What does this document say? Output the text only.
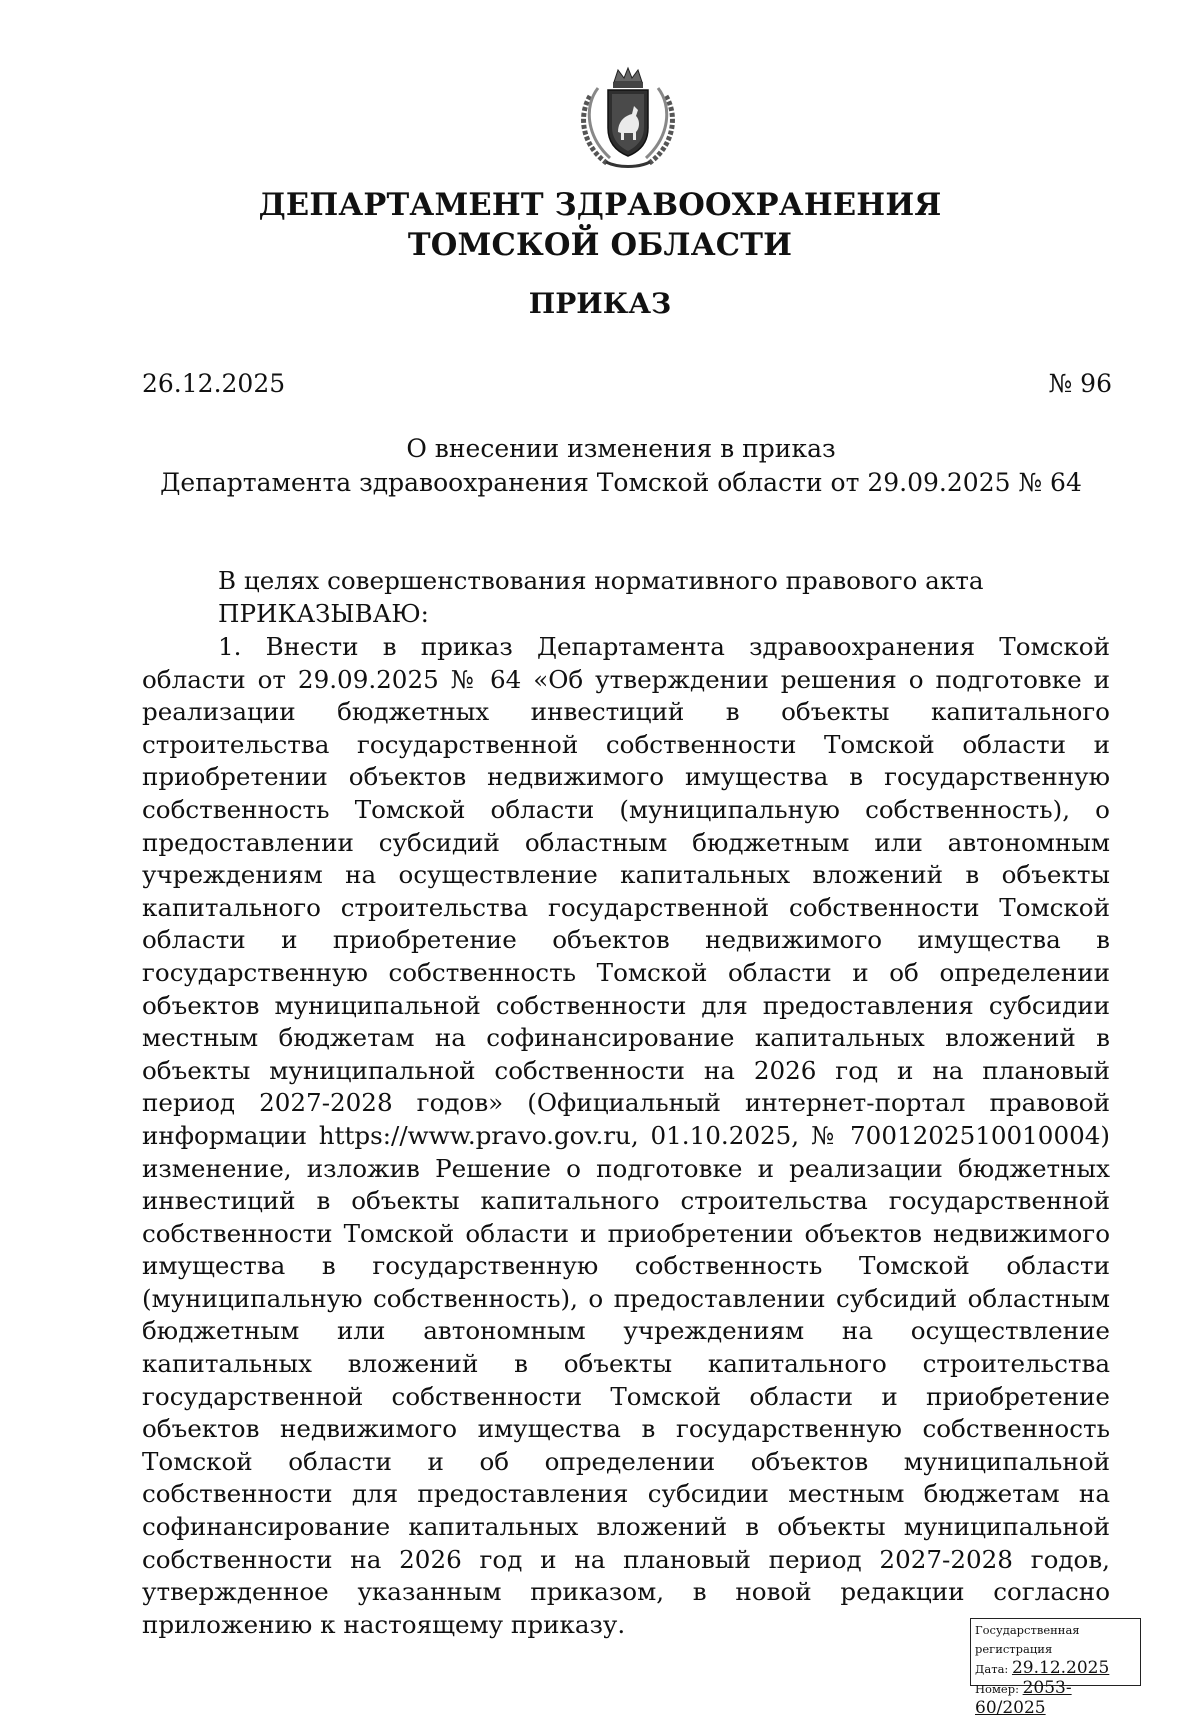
ДЕПАРТАМЕНТ ЗДРАВООХРАНЕНИЯ
ТОМСКОЙ ОБЛАСТИ
ПРИКАЗ
26.12.2025	№ 96
О внесении изменения в приказ
Департамента здравоохранения Томской области от 29.09.2025 № 64
В целях совершенствования нормативного правового акта
ПРИКАЗЫВАЮ:
1. Внести в приказ Департамента здравоохранения Томской области от 29.09.2025 № 64 «Об утверждении решения о подготовке и реализации бюджетных инвестиций в объекты капитального строительства государственной собственности Томской области и приобретении объектов недвижимого имущества в государственную собственность Томской области (муниципальную собственность), о предоставлении субсидий областным бюджетным или автономным учреждениям на осуществление капитальных вложений в объекты капитального строительства государственной собственности Томской области и приобретение объектов недвижимого имущества в государственную собственность Томской области и об определении объектов муниципальной собственности для предоставления субсидии местным бюджетам на софинансирование капитальных вложений в объекты муниципальной собственности на 2026 год и на плановый период 2027-2028 годов» (Официальный интернет-портал правовой информации https://www.pravo.gov.ru, 01.10.2025, № 7001202510010004) изменение, изложив Решение о подготовке и реализации бюджетных инвестиций в объекты капитального строительства государственной собственности Томской области и приобретении объектов недвижимого имущества в государственную собственность Томской области (муниципальную собственность), о предоставлении субсидий областным бюджетным или автономным учреждениям на осуществление капитальных вложений в объекты капитального строительства государственной собственности Томской области и приобретение объектов недвижимого имущества в государственную собственность Томской области и об определении объектов муниципальной собственности для предоставления субсидии местным бюджетам на софинансирование капитальных вложений в объекты муниципальной собственности на 2026 год и на плановый период 2027-2028 годов, утвержденное указанным приказом, в новой редакции согласно приложению к настоящему приказу.	Государственная регистрация
Дата: 29.12.2025
Номер: 2053-60/2025
